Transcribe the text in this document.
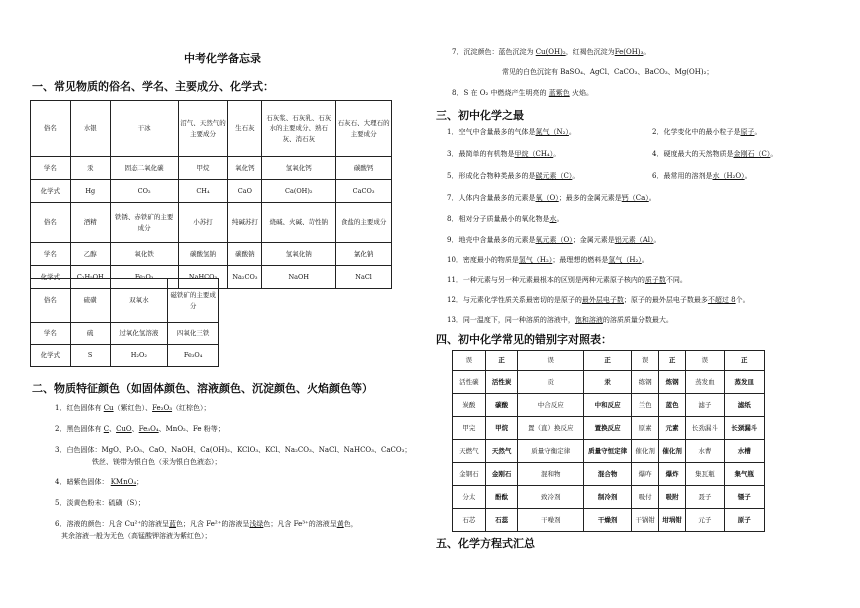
中考化学备忘录
一、常见物质的俗名、学名、主要成分、化学式：
俗名	水银	干冰	沼气、天然气的主要成分	生石灰	石灰浆、石灰乳、石灰水的主要成分、熟石灰、消石灰	石灰石、大理石的主要成分
学名	汞	固态二氧化碳	甲烷	氧化钙	氢氧化钙	碳酸钙
化学式	Hg	CO₂	CH₄	CaO	Ca(OH)₂	CaCO₃
俗名	酒精	铁锈、赤铁矿的主要成分	小苏打	纯碱苏打	烧碱、火碱、苛性钠	食盐的主要成分
学名	乙醇	氧化铁	碳酸氢钠	碳酸钠	氢氧化钠	氯化钠
化学式	C₂H₅OH	Fe₂O₃	NaHCO₃	Na₂CO₃	NaOH	NaCl
俗名	硫磺	双氧水	磁铁矿的主要成分
学名	硫	过氧化氢溶液	四氧化三铁
化学式	S	H₂O₂	Fe₃O₄
二、物质特征颜色（如固体颜色、溶液颜色、沉淀颜色、火焰颜色等）
1．红色固体有 Cu（紫红色）、Fe₂O₃（红棕色）；
2．黑色固体有 C、CuO、Fe₃O₄、MnO₂、Fe 粉等；
3．白色固体：MgO、P₂O₅、CaO、NaOH、Ca(OH)₂、KClO₃、KCl、Na₂CO₃、NaCl、NaHCO₃、CaCO₃；
铁丝、镁带为银白色（汞为银白色液态）；
4．暗紫色固体： KMnO₄；
5．淡黄色粉末：硫磺（S）；
6．溶液的颜色：凡含 Cu²⁺的溶液呈蓝色；凡含 Fe²⁺的溶液呈浅绿色；凡含 Fe³⁺的溶液呈黄色，
其余溶液一般为无色（高锰酸钾溶液为紫红色）；
7．沉淀颜色：蓝色沉淀为 Cu(OH)₂，红褐色沉淀为Fe(OH)₃。
常见的白色沉淀有 BaSO₄、AgCl、CaCO₃、BaCO₃、Mg(OH)₂；
8．S 在 O₂ 中燃烧产生明亮的 蓝紫色 火焰。
三、初中化学之最
1．空气中含量最多的气体是氮气（N₂）。	2．化学变化中的最小粒子是原子。
3．最简单的有机物是甲烷（CH₄）。	4．硬度最大的天然物质是金刚石（C）。
5．形成化合物种类最多的是碳元素（C）。	6．最常用的溶剂是水（H₂O）。
7．人体内含量最多的元素是氧（O）；最多的金属元素是钙（Ca）。
8．相对分子质量最小的氧化物是水。
9．地壳中含量最多的元素是氧元素（O）；金属元素是铝元素（Al）。
10．密度最小的物质是氢气（H₂）；最理想的燃料是氢气（H₂）。
11．一种元素与另一种元素最根本的区别是两种元素原子核内的质子数不同。
12．与元素化学性质关系最密切的是原子的最外层电子数；原子的最外层电子数最多不超过 8个。
13．同一温度下，同一种溶质的溶液中，饱和溶液的溶质质量分数最大。
四、初中化学常见的错别字对照表：
误	正	误	正	误	正	误	正
活性碳	活性炭	贡	汞	练钢	炼钢	蒸发血	蒸发皿
炭酸	碳酸	中合反应	中和反应	兰色	蓝色	滤子	滤纸
甲完	甲烷	置（直）换反应	置换反应	原素	元素	长劲漏斗	长颈漏斗
天燃气	天然气	质量守衡定律	质量守恒定律	催化剂	催化剂	水曹	水槽
金钢石	金刚石	混和物	混合物	爆咋	爆炸	集瓦瓶	集气瓶
分太	酚酞	致冷剂	制冷剂	吸付	吸附	聂子	镊子
石芯	石蕊	干噪剂	干燥剂	干锅钳	坩埚钳	元子	原子
五、化学方程式汇总
